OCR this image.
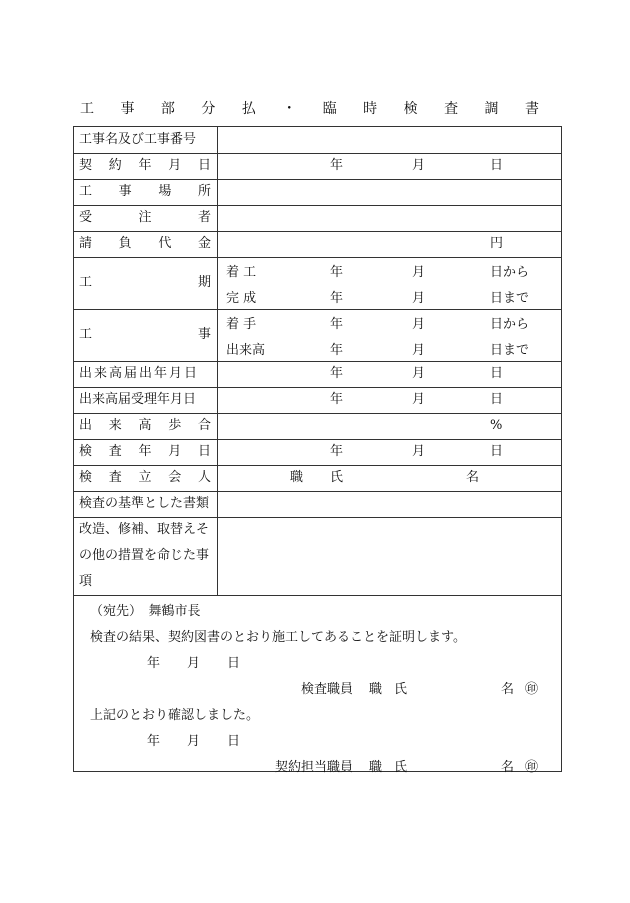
工 事 部 分 払 ・ 臨 時 検 査 調 書
工事名及び工事番号
契 約 年 月 日	年	月	日
工 事 場 所
受	注	者
請 負 代 金	円
工	期
着 工	年	月	日から
完 成	年	月	日まで
工	事
着 手	年	月	日から
出来高	年	月	日まで
出来高届出年月日	年	月	日
出来高届受理年月日	年	月	日
出 来 高 歩 合	%
検 査 年 月 日	年	月	日
検 査 立 会 人	職 氏	名
検査の基準とした書類
改造、修補、取替えそ
の他の措置を命じた事
項
（宛先）　舞鶴市長
検査の結果、契約図書のとおり施工してあることを証明します。
年 月 日
検査職員 職 氏	名 ㊞
上記のとおり確認しました。
年 月 日
契約担当職員 職 氏	名 ㊞
